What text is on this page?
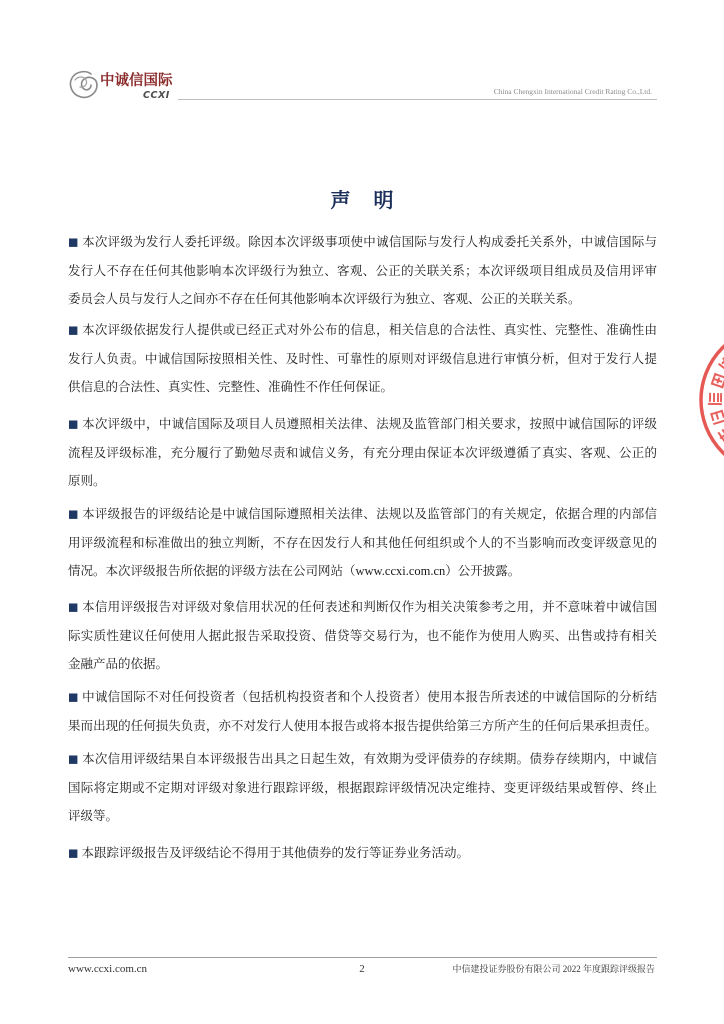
中诚信国际
CCXI	China Chengxin International Credit Rating Co.,Ltd.
声 明
■ 本次评级为发行人委托评级。除因本次评级事项使中诚信国际与发行人构成委托关系外，中诚信国际与
发行人不存在任何其他影响本次评级行为独立、客观、公正的关联关系；本次评级项目组成员及信用评审
委员会人员与发行人之间亦不存在任何其他影响本次评级行为独立、客观、公正的关联关系。
■ 本次评级依据发行人提供或已经正式对外公布的信息，相关信息的合法性、真实性、完整性、准确性由
发行人负责。中诚信国际按照相关性、及时性、可靠性的原则对评级信息进行审慎分析，但对于发行人提
供信息的合法性、真实性、完整性、准确性不作任何保证。
■ 本次评级中，中诚信国际及项目人员遵照相关法律、法规及监管部门相关要求，按照中诚信国际的评级
流程及评级标准，充分履行了勤勉尽责和诚信义务，有充分理由保证本次评级遵循了真实、客观、公正的
原则。
■ 本评级报告的评级结论是中诚信国际遵照相关法律、法规以及监管部门的有关规定，依据合理的内部信
用评级流程和标准做出的独立判断，不存在因发行人和其他任何组织或个人的不当影响而改变评级意见的
情况。本次评级报告所依据的评级方法在公司网站（www.ccxi.com.cn）公开披露。
■ 本信用评级报告对评级对象信用状况的任何表述和判断仅作为相关决策参考之用，并不意味着中诚信国
际实质性建议任何使用人据此报告采取投资、借贷等交易行为，也不能作为使用人购买、出售或持有相关
金融产品的依据。
■ 中诚信国际不对任何投资者（包括机构投资者和个人投资者）使用本报告所表述的中诚信国际的分析结
果而出现的任何损失负责，亦不对发行人使用本报告或将本报告提供给第三方所产生的任何后果承担责任。
■ 本次信用评级结果自本评级报告出具之日起生效，有效期为受评债券的存续期。债券存续期内，中诚信
国际将定期或不定期对评级对象进行跟踪评级，根据跟踪评级情况决定维持、变更评级结果或暂停、终止
评级等。
■ 本跟踪评级报告及评级结论不得用于其他债券的发行等证券业务活动。
www.ccxi.com.cn	2	中信建投证券股份有限公司 2022 年度跟踪评级报告
